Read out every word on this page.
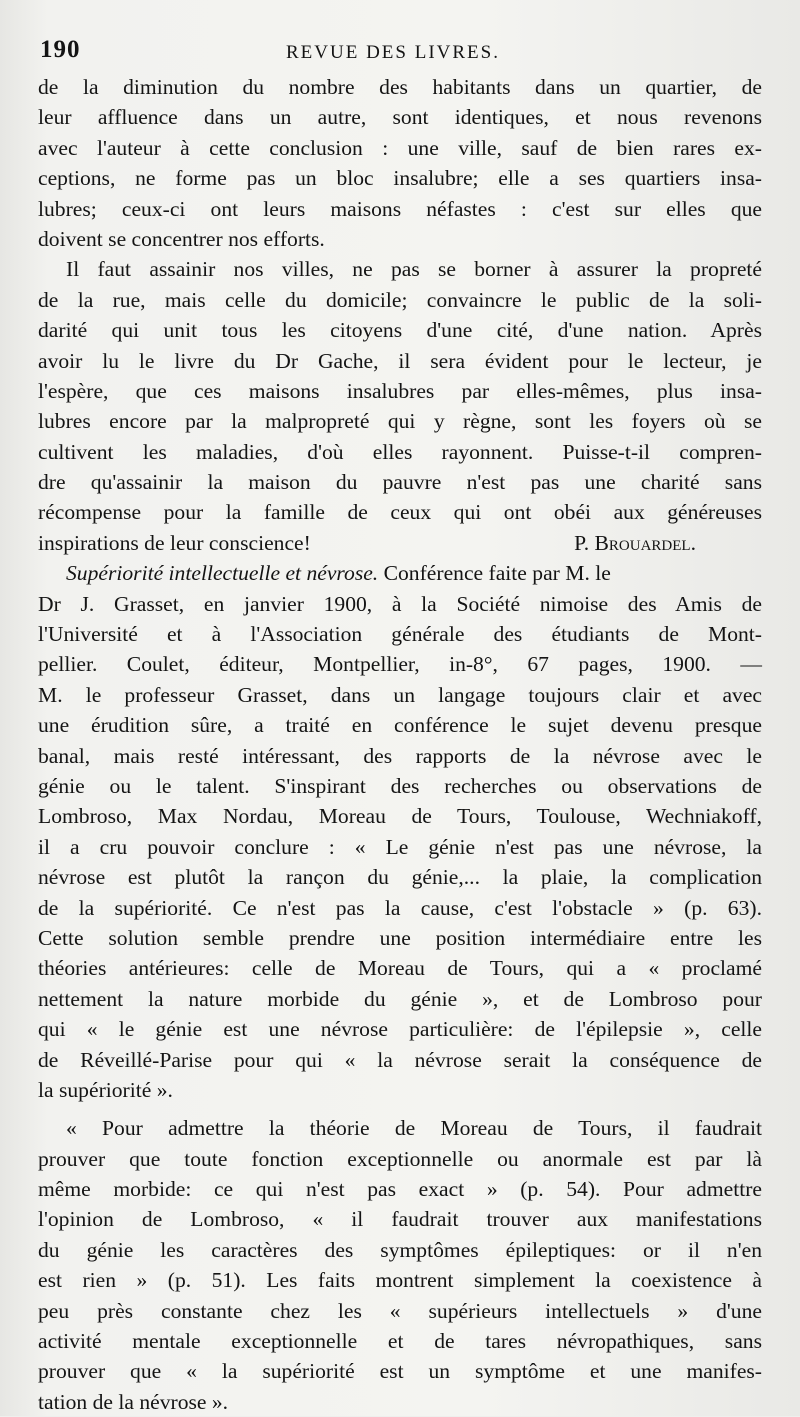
190	REVUE DES LIVRES.
de la diminution du nombre des habitants dans un quartier, de
leur affluence dans un autre, sont identiques, et nous revenons
avec l'auteur à cette conclusion : une ville, sauf de bien rares ex-
ceptions, ne forme pas un bloc insalubre; elle a ses quartiers insa-
lubres; ceux-ci ont leurs maisons néfastes : c'est sur elles que
doivent se concentrer nos efforts.
Il faut assainir nos villes, ne pas se borner à assurer la propreté
de la rue, mais celle du domicile; convaincre le public de la soli-
darité qui unit tous les citoyens d'une cité, d'une nation. Après
avoir lu le livre du Dr Gache, il sera évident pour le lecteur, je
l'espère, que ces maisons insalubres par elles-mêmes, plus insa-
lubres encore par la malpropreté qui y règne, sont les foyers où se
cultivent les maladies, d'où elles rayonnent. Puisse-t-il compren-
dre qu'assainir la maison du pauvre n'est pas une charité sans
récompense pour la famille de ceux qui ont obéi aux généreuses
inspirations de leur conscience!	P. Brouardel.
Supériorité intellectuelle et névrose. Conférence faite par M. le
Dr J. Grasset, en janvier 1900, à la Société nimoise des Amis de
l'Université et à l'Association générale des étudiants de Mont-
pellier. Coulet, éditeur, Montpellier, in-8°, 67 pages, 1900. —
M. le professeur Grasset, dans un langage toujours clair et avec
une érudition sûre, a traité en conférence le sujet devenu presque
banal, mais resté intéressant, des rapports de la névrose avec le
génie ou le talent. S'inspirant des recherches ou observations de
Lombroso, Max Nordau, Moreau de Tours, Toulouse, Wechniakoff,
il a cru pouvoir conclure : « Le génie n'est pas une névrose, la
névrose est plutôt la rançon du génie,... la plaie, la complication
de la supériorité. Ce n'est pas la cause, c'est l'obstacle » (p. 63).
Cette solution semble prendre une position intermédiaire entre les
théories antérieures: celle de Moreau de Tours, qui a « proclamé
nettement la nature morbide du génie », et de Lombroso pour
qui « le génie est une névrose particulière: de l'épilepsie », celle
de Réveillé-Parise pour qui « la névrose serait la conséquence de
la supériorité ».
« Pour admettre la théorie de Moreau de Tours, il faudrait
prouver que toute fonction exceptionnelle ou anormale est par là
même morbide: ce qui n'est pas exact » (p. 54). Pour admettre
l'opinion de Lombroso, « il faudrait trouver aux manifestations
du génie les caractères des symptômes épileptiques: or il n'en
est rien » (p. 51). Les faits montrent simplement la coexistence à
peu près constante chez les « supérieurs intellectuels » d'une
activité mentale exceptionnelle et de tares névropathiques, sans
prouver que « la supériorité est un symptôme et une manifes-
tation de la névrose ».
